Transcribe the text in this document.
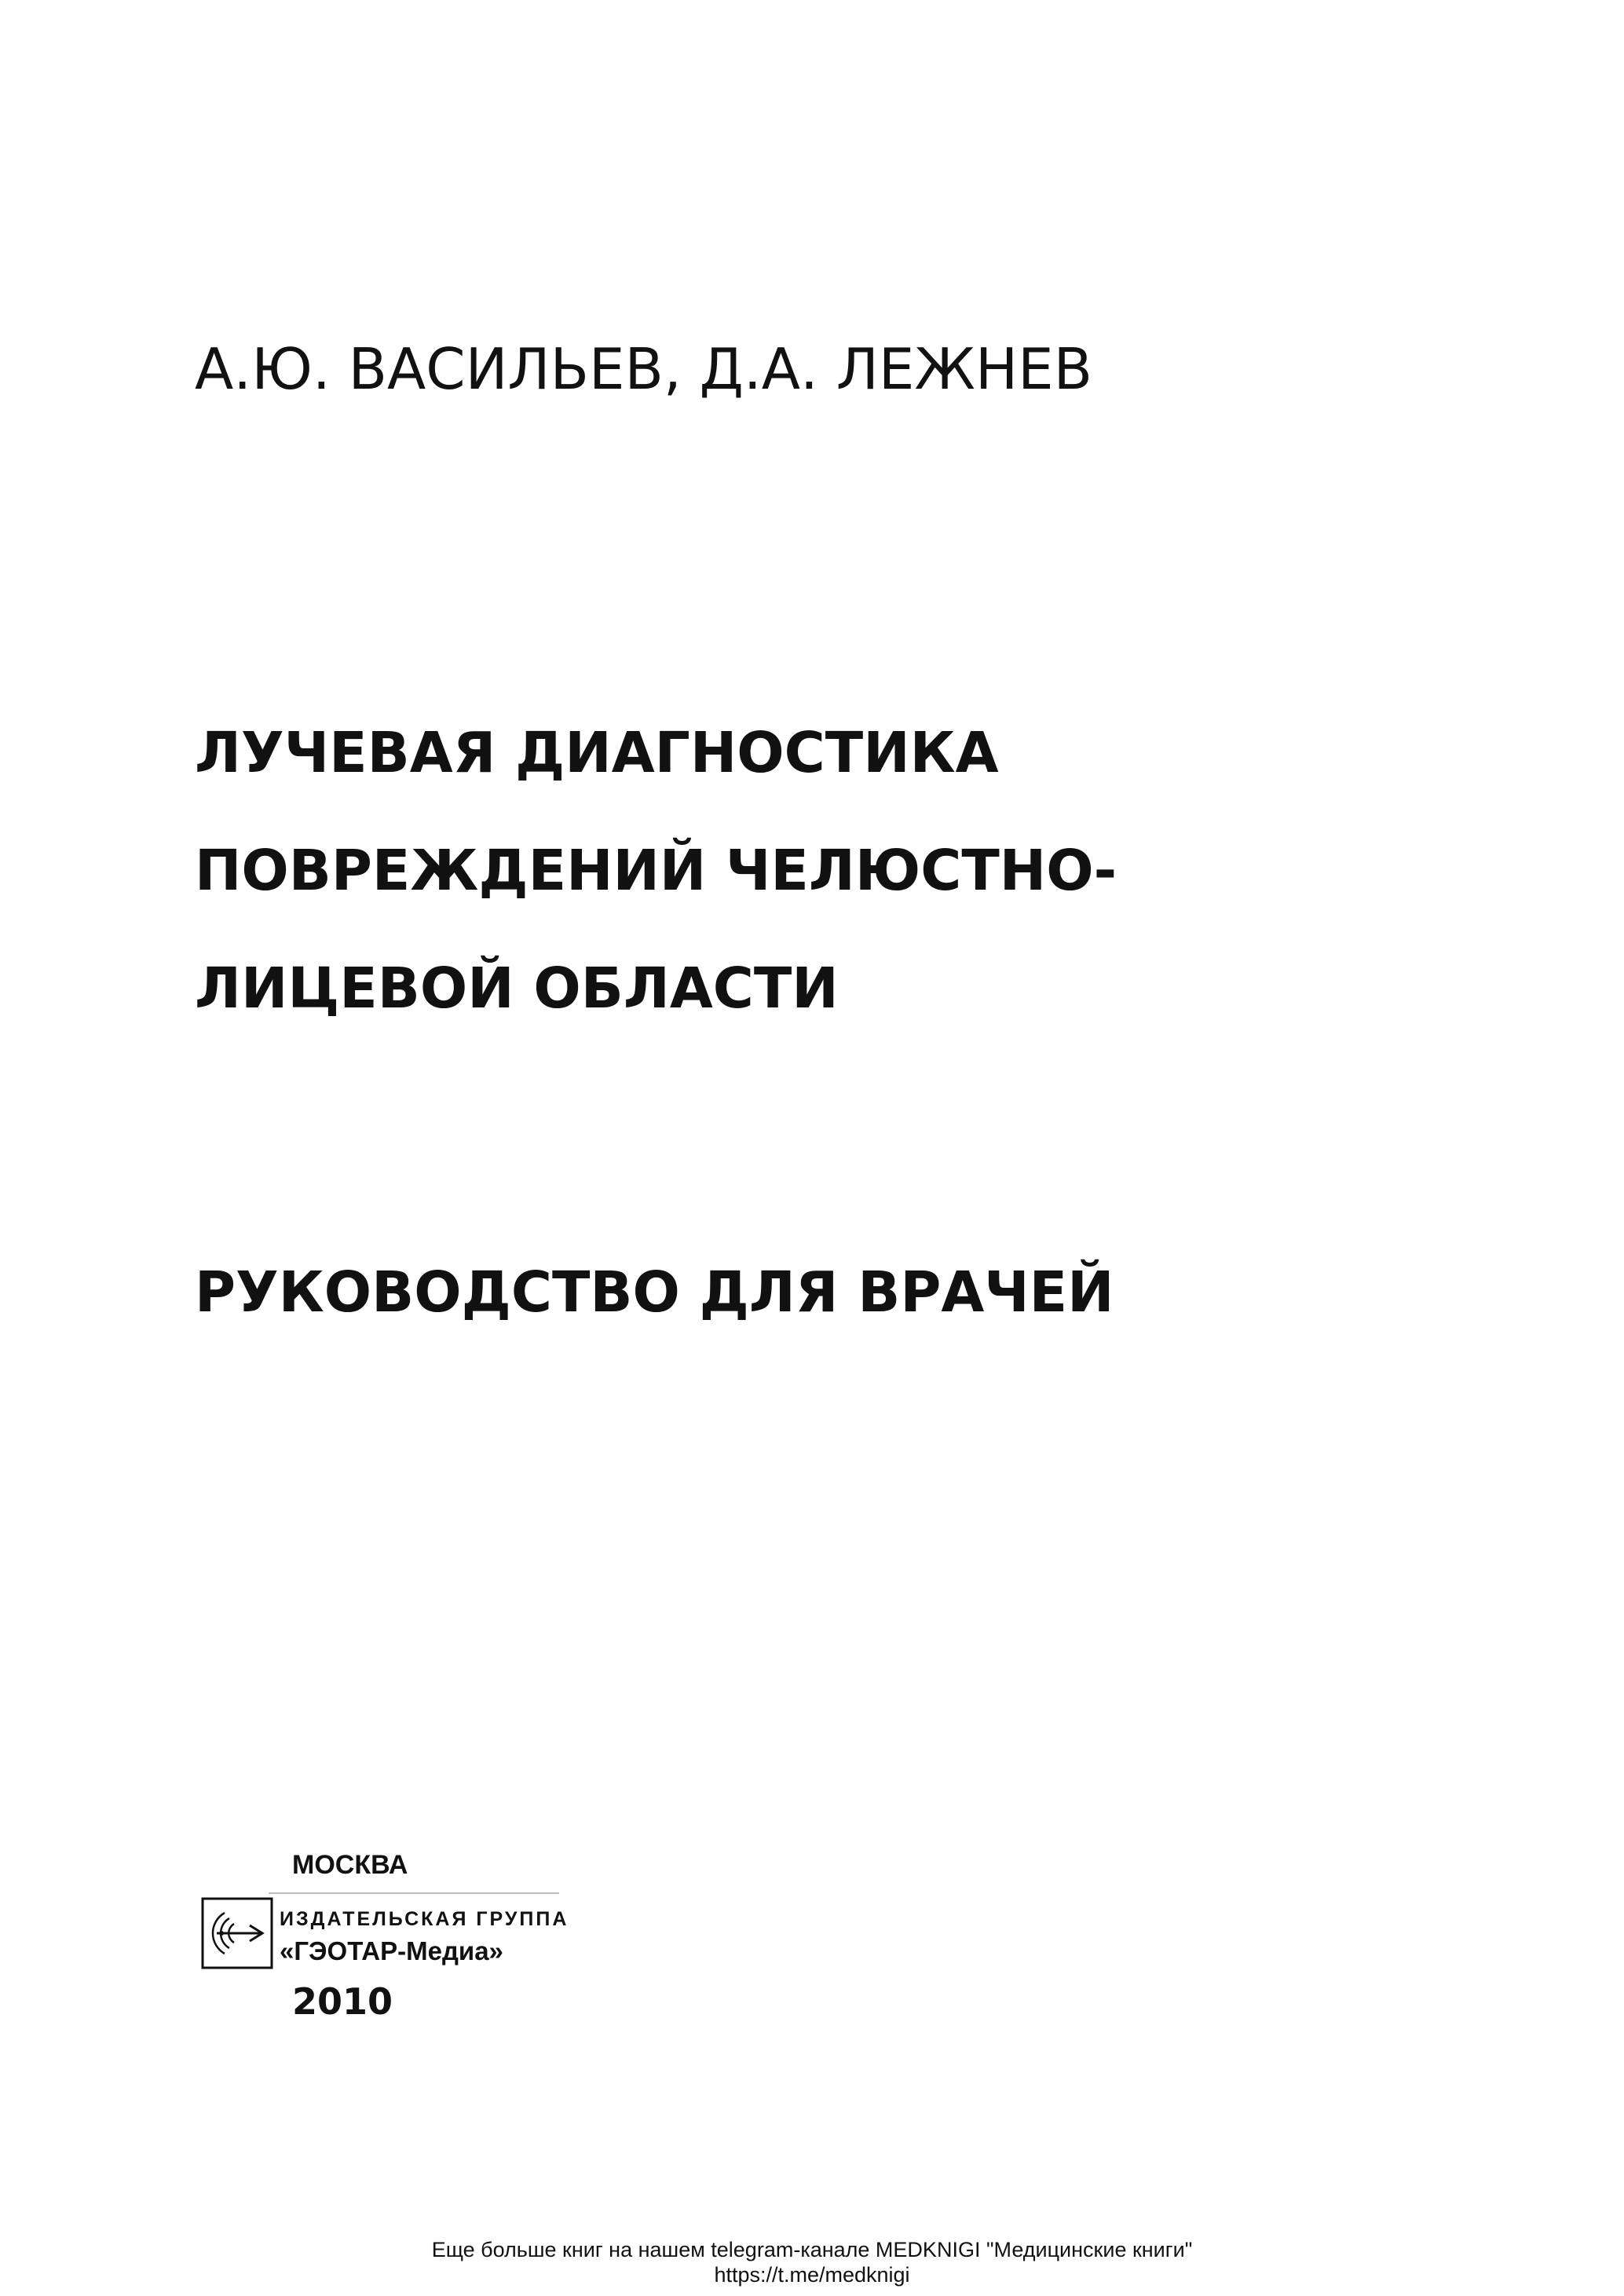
А.Ю. ВАСИЛЬЕВ, Д.А. ЛЕЖНЕВ
ЛУЧЕВАЯ ДИАГНОСТИКА
ПОВРЕЖДЕНИЙ ЧЕЛЮСТНО-
ЛИЦЕВОЙ ОБЛАСТИ
РУКОВОДСТВО ДЛЯ ВРАЧЕЙ
МОСКВА
ИЗДАТЕЛЬСКАЯ ГРУППА
«ГЭОТАР-Медиа»
2010
Еще больше книг на нашем telegram-канале MEDKNIGI "Медицинские книги"
https://t.me/medknigi
